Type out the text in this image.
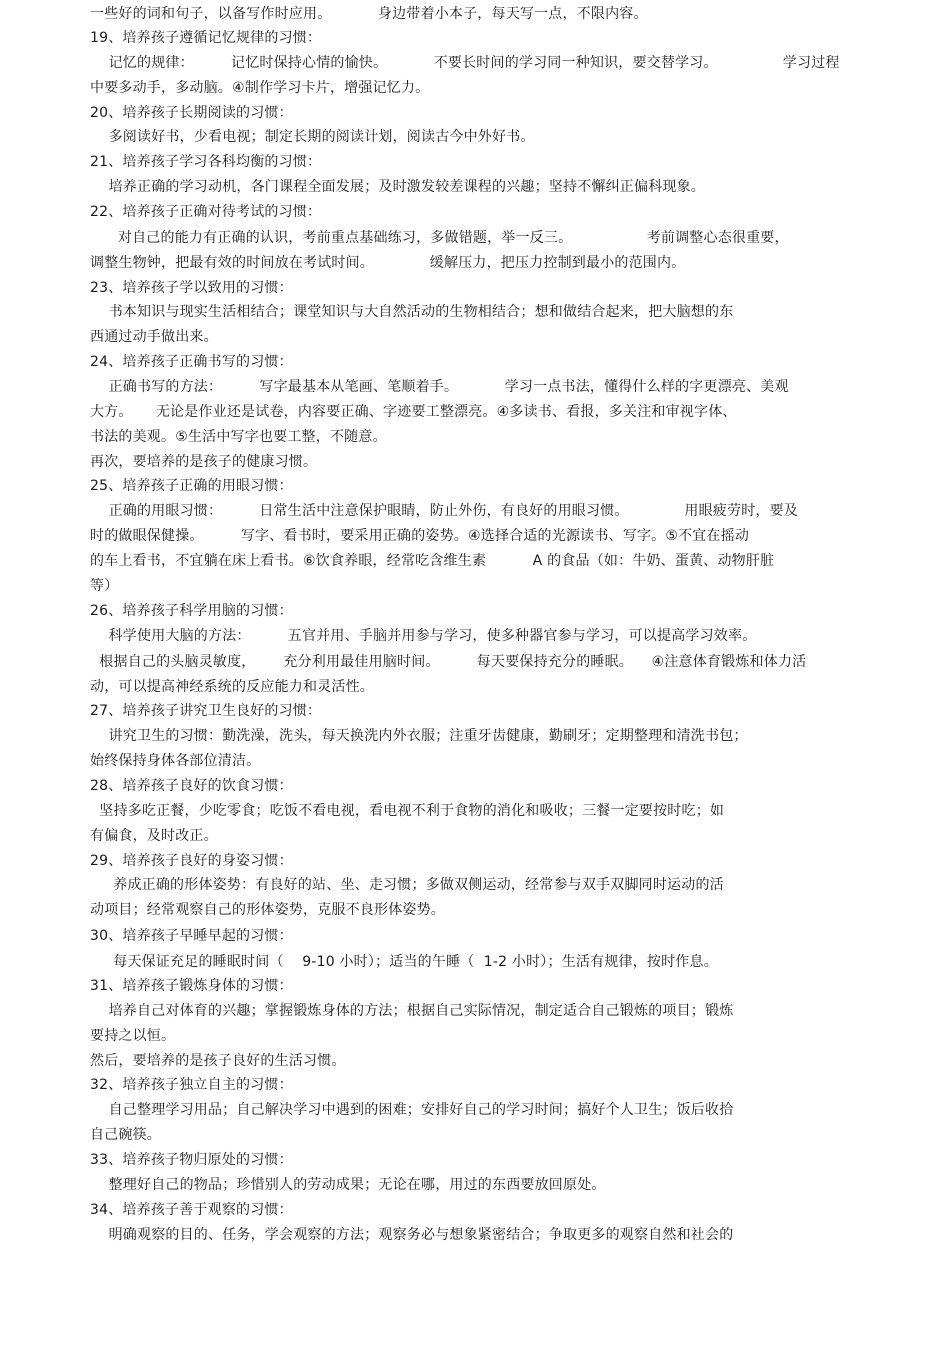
一些好的词和句子，以备写作时应用。          身边带着小本子，每天写一点，不限内容。
19、培养孩子遵循记忆规律的习惯：
记忆的规律：        记忆时保持心情的愉快。          不要长时间的学习同一种知识，要交替学习。              学习过程
中要多动手，多动脑。④制作学习卡片，增强记忆力。
20、培养孩子长期阅读的习惯：
多阅读好书，少看电视；制定长期的阅读计划，阅读古今中外好书。
21、培养孩子学习各科均衡的习惯：
培养正确的学习动机，各门课程全面发展；及时激发较差课程的兴趣；坚持不懈纠正偏科现象。
22、培养孩子正确对待考试的习惯：
对自己的能力有正确的认识，考前重点基础练习，多做错题，举一反三。                考前调整心态很重要，
调整生物钟，把最有效的时间放在考试时间。            缓解压力，把压力控制到最小的范围内。
23、培养孩子学以致用的习惯：
书本知识与现实生活相结合；课堂知识与大自然活动的生物相结合；想和做结合起来，把大脑想的东
西通过动手做出来。
24、培养孩子正确书写的习惯：
正确书写的方法：        写字最基本从笔画、笔顺着手。          学习一点书法，懂得什么样的字更漂亮、美观
大方。     无论是作业还是试卷，内容要正确、字迹要工整漂亮。④多读书、看报，多关注和审视字体、
书法的美观。⑤生活中写字也要工整，不随意。
再次，要培养的是孩子的健康习惯。
25、培养孩子正确的用眼习惯：
正确的用眼习惯：        日常生活中注意保护眼睛，防止外伤，有良好的用眼习惯。            用眼疲劳时，要及
时的做眼保健操。        写字、看书时，要采用正确的姿势。④选择合适的光源读书、写字。⑤不宜在摇动
的车上看书，不宜躺在床上看书。⑥饮食养眼，经常吃含维生素          A 的食品（如：牛奶、蛋黄、动物肝脏
等）
26、培养孩子科学用脑的习惯：
科学使用大脑的方法：        五官并用、手脑并用参与学习，使多种器官参与学习，可以提高学习效率。
根据自己的头脑灵敏度，      充分利用最佳用脑时间。        每天要保持充分的睡眠。    ④注意体育锻炼和体力活
动，可以提高神经系统的反应能力和灵活性。
27、培养孩子讲究卫生良好的习惯：
讲究卫生的习惯：勤洗澡，洗头，每天换洗内外衣服；注重牙齿健康，勤刷牙；定期整理和清洗书包；
始终保持身体各部位清洁。
28、培养孩子良好的饮食习惯：
坚持多吃正餐，少吃零食；吃饭不看电视，看电视不利于食物的消化和吸收；三餐一定要按时吃；如
有偏食，及时改正。
29、培养孩子良好的身姿习惯：
养成正确的形体姿势：有良好的站、坐、走习惯；多做双侧运动，经常参与双手双脚同时运动的活
动项目；经常观察自己的形体姿势，克服不良形体姿势。
30、培养孩子早睡早起的习惯：
每天保证充足的睡眠时间（    9-10 小时）；适当的午睡（  1-2 小时）；生活有规律，按时作息。
31、培养孩子锻炼身体的习惯：
培养自己对体育的兴趣；掌握锻炼身体的方法；根据自己实际情况，制定适合自己锻炼的项目；锻炼
要持之以恒。
然后，要培养的是孩子良好的生活习惯。
32、培养孩子独立自主的习惯：
自己整理学习用品；自己解决学习中遇到的困难；安排好自己的学习时间；搞好个人卫生；饭后收拾
自己碗筷。
33、培养孩子物归原处的习惯：
整理好自己的物品；珍惜别人的劳动成果；无论在哪，用过的东西要放回原处。
34、培养孩子善于观察的习惯：
明确观察的目的、任务，学会观察的方法；观察务必与想象紧密结合；争取更多的观察自然和社会的
